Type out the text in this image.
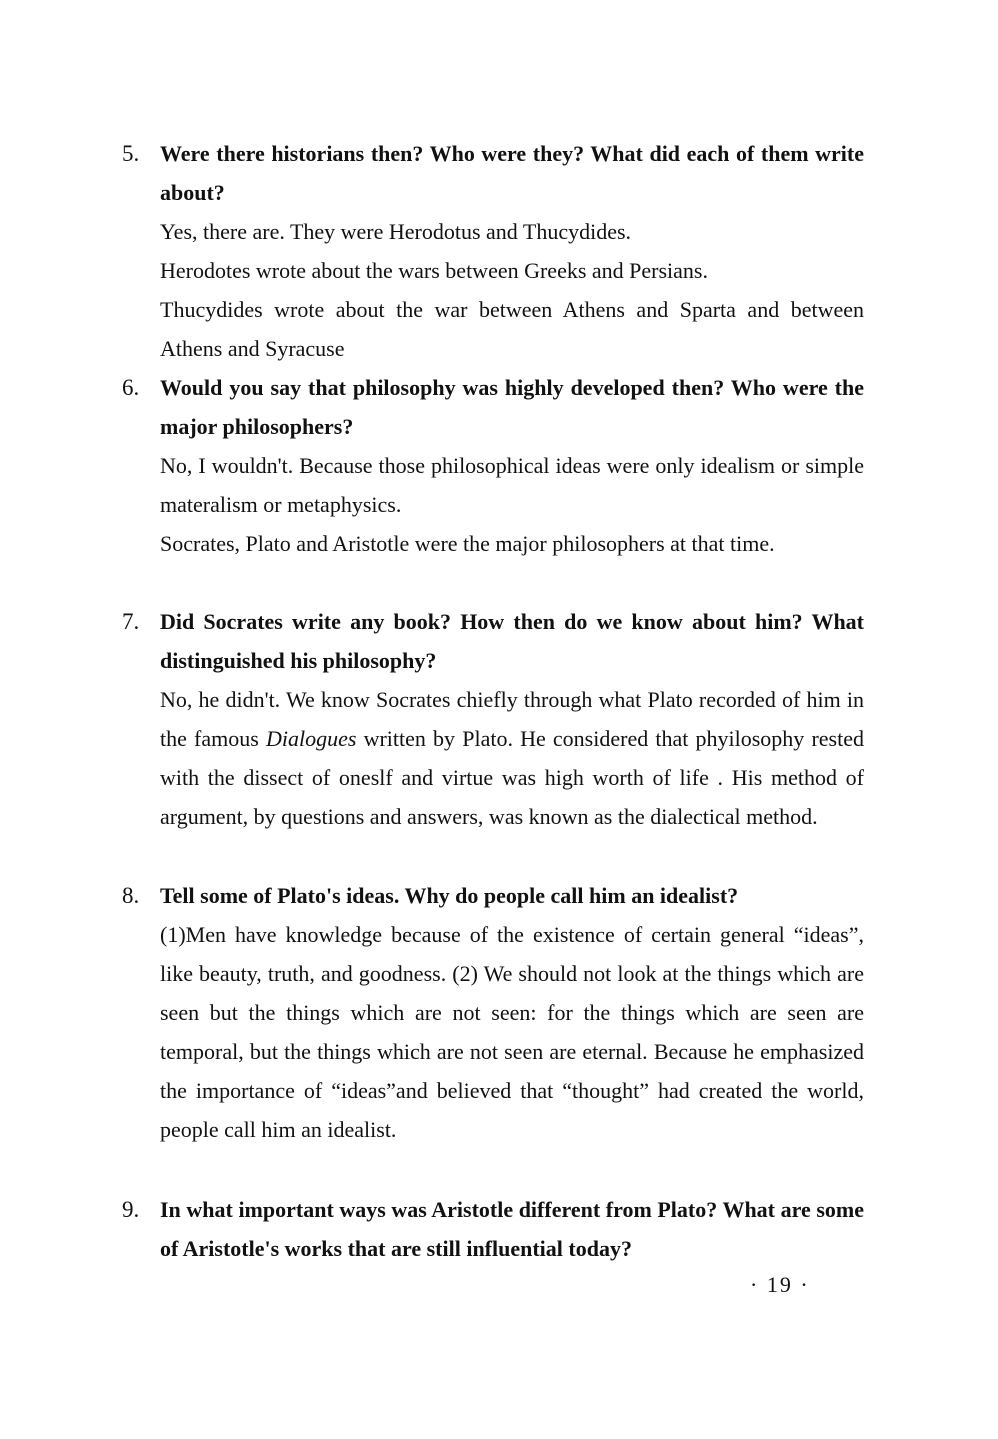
5. Were there historians then? Who were they? What did each of them write about?
Yes, there are. They were Herodotus and Thucydides.
Herodotes wrote about the wars between Greeks and Persians.
Thucydides wrote about the war between Athens and Sparta and between Athens and Syracuse
6. Would you say that philosophy was highly developed then? Who were the major philosophers?
No, I wouldn't. Because those philosophical ideas were only idealism or simple materalism or metaphysics.
Socrates, Plato and Aristotle were the major philosophers at that time.
7. Did Socrates write any book? How then do we know about him? What distinguished his philosophy?
No, he didn't. We know Socrates chiefly through what Plato recorded of him in the famous Dialogues written by Plato. He considered that phyilosophy rested with the dissect of oneslf and virtue was high worth of life . His method of argument, by questions and answers, was known as the dialectical method.
8. Tell some of Plato's ideas. Why do people call him an idealist?
(1)Men have knowledge because of the existence of certain general “ideas”, like beauty, truth, and goodness. (2) We should not look at the things which are seen but the things which are not seen: for the things which are seen are temporal, but the things which are not seen are eternal. Because he emphasized the importance of “ideas”and believed that “thought” had created the world, people call him an idealist.
9. In what important ways was Aristotle different from Plato? What are some of Aristotle's works that are still influential today?
· 19 ·
